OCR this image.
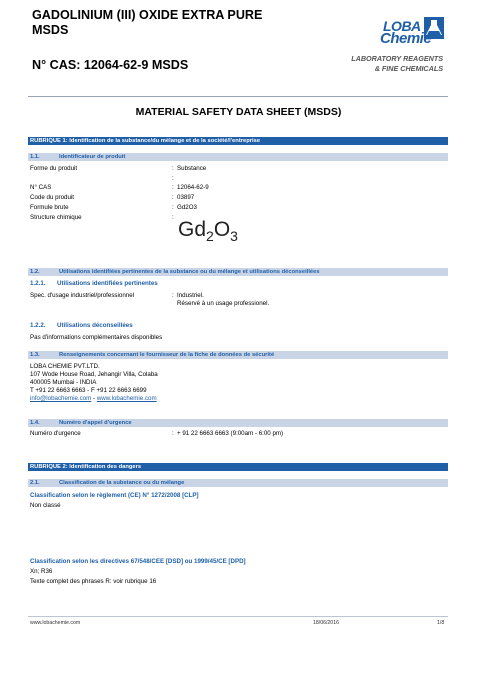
GADOLINIUM (III) OXIDE EXTRA PURE MSDS
N° CAS: 12064-62-9 MSDS
LOBA
Chemie
LABORATORY REAGENTS
& FINE CHEMICALS
MATERIAL SAFETY DATA SHEET (MSDS)
RUBRIQUE 1: Identification de la substance/du mélange et de la société/l'entreprise
1.1.	Identificateur de produit
Forme du produit	: Substance
:
N° CAS	: 12064-62-9
Code du produit	: 03897
Formule brute	: Gd2O3
Structure chimique	:
$Gd_2O_3$
1.2.	Utilisations identifiées pertinentes de la substance ou du mélange et utilisations déconseillées
1.2.1. Utilisations identifiées pertinentes
Spec. d'usage industriel/professionnel	: Industriel.
Réservé à un usage professionel.
1.2.2. Utilisations déconseillées
Pas d'informations complémentaires disponibles
1.3.	Renseignements concernant le fournisseur de la fiche de données de sécurité
LOBA CHEMIE PVT.LTD.
107 Wode House Road, Jehangir Villa, Colaba
400005 Mumbai - INDIA
T +91 22 6663 6663 - F +91 22 6663 6699
info@lobachemie.com - www.lobachemie.com
1.4.	Numéro d'appel d'urgence
Numéro d'urgence	: + 91 22 6663 6663 (9:00am - 6:00 pm)
RUBRIQUE 2: Identification des dangers
2.1.	Classification de la substance ou du mélange
Classification selon le règlement (CE) N° 1272/2008 [CLP]
Non classé
Classification selon les directives 67/548/CEE [DSD] ou 1999/45/CE [DPD]
Xn; R36
Texte complet des phrases R: voir rubrique 16
www.lobachemie.com	18/06/2016	1/8
